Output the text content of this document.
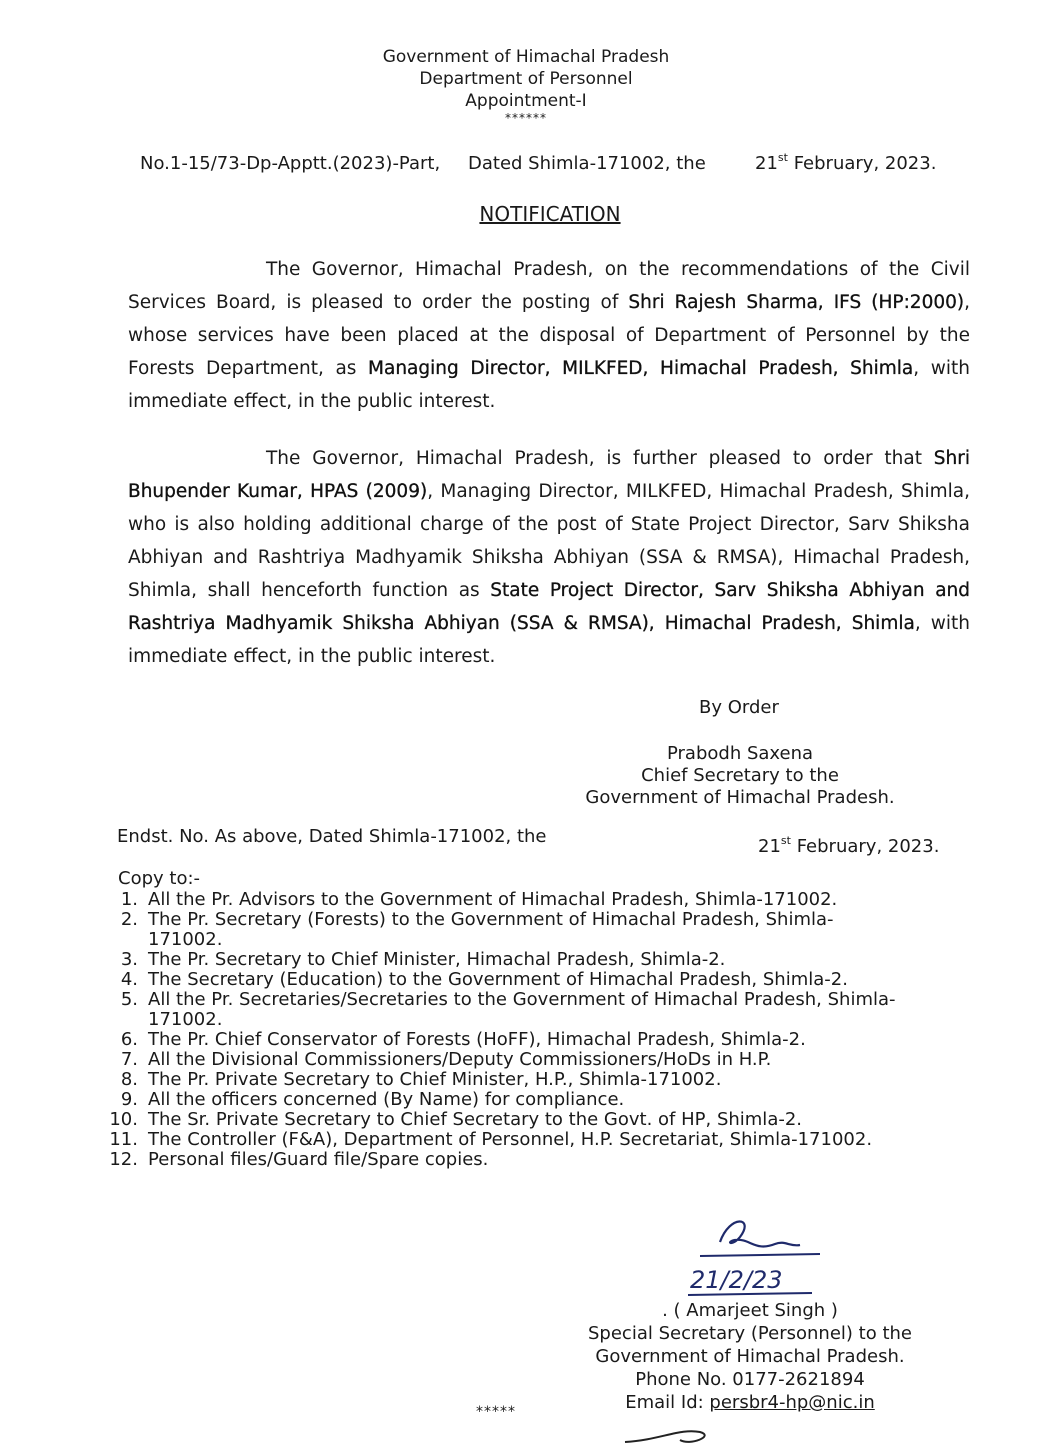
Government of Himachal Pradesh
Department of Personnel
Appointment-I
******
No.1-15/73-Dp-Apptt.(2023)-Part, Dated Shimla-171002, the	21st February, 2023.
NOTIFICATION
The Governor, Himachal Pradesh, on the recommendations of the Civil Services Board, is pleased to order the posting of Shri Rajesh Sharma, IFS (HP:2000), whose services have been placed at the disposal of Department of Personnel by the Forests Department, as Managing Director, MILKFED, Himachal Pradesh, Shimla, with immediate effect, in the public interest.
The Governor, Himachal Pradesh, is further pleased to order that Shri Bhupender Kumar, HPAS (2009), Managing Director, MILKFED, Himachal Pradesh, Shimla, who is also holding additional charge of the post of State Project Director, Sarv Shiksha Abhiyan and Rashtriya Madhyamik Shiksha Abhiyan (SSA & RMSA), Himachal Pradesh, Shimla, shall henceforth function as State Project Director, Sarv Shiksha Abhiyan and Rashtriya Madhyamik Shiksha Abhiyan (SSA & RMSA), Himachal Pradesh, Shimla, with immediate effect, in the public interest.
By Order
Prabodh Saxena
Chief Secretary to the
Government of Himachal Pradesh.
Endst. No. As above, Dated Shimla-171002, the	21st February, 2023.
Copy to:-
1. All the Pr. Advisors to the Government of Himachal Pradesh, Shimla-171002.
2. The Pr. Secretary (Forests) to the Government of Himachal Pradesh, Shimla-
171002.
3. The Pr. Secretary to Chief Minister, Himachal Pradesh, Shimla-2.
4. The Secretary (Education) to the Government of Himachal Pradesh, Shimla-2.
5. All the Pr. Secretaries/Secretaries to the Government of Himachal Pradesh, Shimla-
171002.
6. The Pr. Chief Conservator of Forests (HoFF), Himachal Pradesh, Shimla-2.
7. All the Divisional Commissioners/Deputy Commissioners/HoDs in H.P.
8. The Pr. Private Secretary to Chief Minister, H.P., Shimla-171002.
9. All the officers concerned (By Name) for compliance.
10. The Sr. Private Secretary to Chief Secretary to the Govt. of HP, Shimla-2.
11. The Controller (F&A), Department of Personnel, H.P. Secretariat, Shimla-171002.
12. Personal files/Guard file/Spare copies.
21/2/23
. ( Amarjeet Singh )
Special Secretary (Personnel) to the
Government of Himachal Pradesh.
Phone No. 0177-2621894
Email Id: persbr4-hp@nic.in
*****
